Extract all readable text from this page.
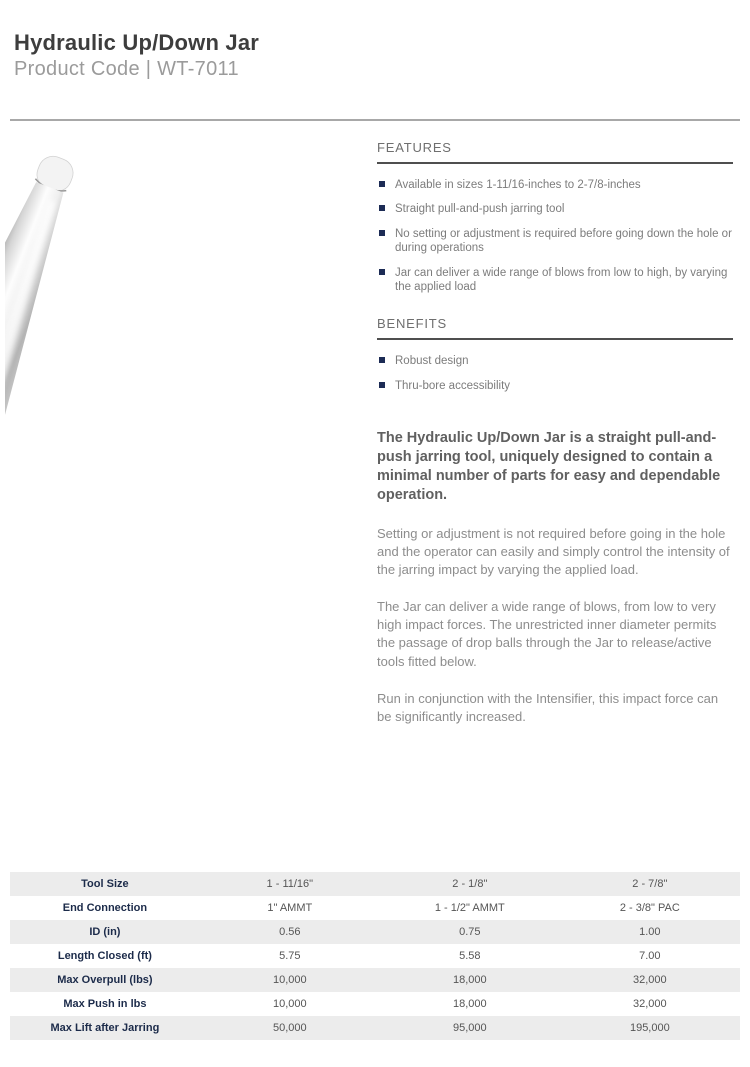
Hydraulic Up/Down Jar
Product Code | WT-7011
FEATURES
Available in sizes 1-11/16-inches to 2-7/8-inches
Straight pull-and-push jarring tool
No setting or adjustment is required before going down the hole or during operations
Jar can deliver a wide range of blows from low to high, by varying the applied load
BENEFITS
Robust design
Thru-bore accessibility
The Hydraulic Up/Down Jar is a straight pull-and-push jarring tool, uniquely designed to contain a minimal number of parts for easy and dependable operation.
Setting or adjustment is not required before going in the hole and the operator can easily and simply control the intensity of the jarring impact by varying the applied load.
The Jar can deliver a wide range of blows, from low to very high impact forces. The unrestricted inner diameter permits the passage of drop balls through the Jar to release/active tools fitted below.
Run in conjunction with the Intensifier, this impact force can be significantly increased.
Tool Size	1 - 11/16"	2 - 1/8"	2 - 7/8"
End Connection	1" AMMT	1 - 1/2" AMMT	2 - 3/8" PAC
ID (in)	0.56	0.75	1.00
Length Closed (ft)	5.75	5.58	7.00
Max Overpull (lbs)	10,000	18,000	32,000
Max Push in lbs	10,000	18,000	32,000
Max Lift after Jarring	50,000	95,000	195,000
